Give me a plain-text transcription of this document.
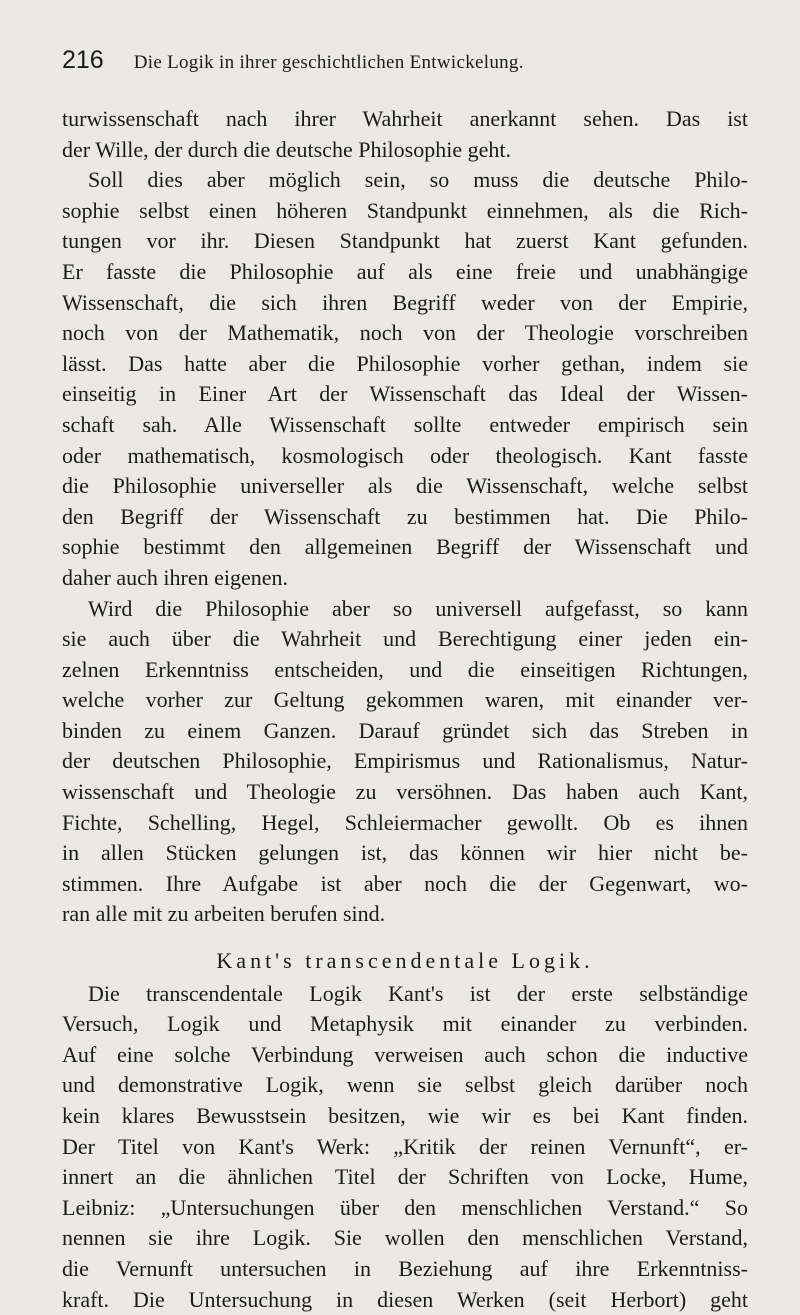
216 Die Logik in ihrer geschichtlichen Entwickelung.
turwissenschaft nach ihrer Wahrheit anerkannt sehen. Das ist
der Wille, der durch die deutsche Philosophie geht.
Soll dies aber möglich sein, so muss die deutsche Philo-
sophie selbst einen höheren Standpunkt einnehmen, als die Rich-
tungen vor ihr. Diesen Standpunkt hat zuerst Kant gefunden.
Er fasste die Philosophie auf als eine freie und unabhängige
Wissenschaft, die sich ihren Begriff weder von der Empirie,
noch von der Mathematik, noch von der Theologie vorschreiben
lässt. Das hatte aber die Philosophie vorher gethan, indem sie
einseitig in Einer Art der Wissenschaft das Ideal der Wissen-
schaft sah. Alle Wissenschaft sollte entweder empirisch sein
oder mathematisch, kosmologisch oder theologisch. Kant fasste
die Philosophie universeller als die Wissenschaft, welche selbst
den Begriff der Wissenschaft zu bestimmen hat. Die Philo-
sophie bestimmt den allgemeinen Begriff der Wissenschaft und
daher auch ihren eigenen.
Wird die Philosophie aber so universell aufgefasst, so kann
sie auch über die Wahrheit und Berechtigung einer jeden ein-
zelnen Erkenntniss entscheiden, und die einseitigen Richtungen,
welche vorher zur Geltung gekommen waren, mit einander ver-
binden zu einem Ganzen. Darauf gründet sich das Streben in
der deutschen Philosophie, Empirismus und Rationalismus, Natur-
wissenschaft und Theologie zu versöhnen. Das haben auch Kant,
Fichte, Schelling, Hegel, Schleiermacher gewollt. Ob es ihnen
in allen Stücken gelungen ist, das können wir hier nicht be-
stimmen. Ihre Aufgabe ist aber noch die der Gegenwart, wo-
ran alle mit zu arbeiten berufen sind.
Kant's transcendentale Logik.
Die transcendentale Logik Kant's ist der erste selbständige
Versuch, Logik und Metaphysik mit einander zu verbinden.
Auf eine solche Verbindung verweisen auch schon die inductive
und demonstrative Logik, wenn sie selbst gleich darüber noch
kein klares Bewusstsein besitzen, wie wir es bei Kant finden.
Der Titel von Kant's Werk: „Kritik der reinen Vernunft“, er-
innert an die ähnlichen Titel der Schriften von Locke, Hume,
Leibniz: „Untersuchungen über den menschlichen Verstand.“ So
nennen sie ihre Logik. Sie wollen den menschlichen Verstand,
die Vernunft untersuchen in Beziehung auf ihre Erkenntniss-
kraft. Die Untersuchung in diesen Werken (seit Herbort) geht
